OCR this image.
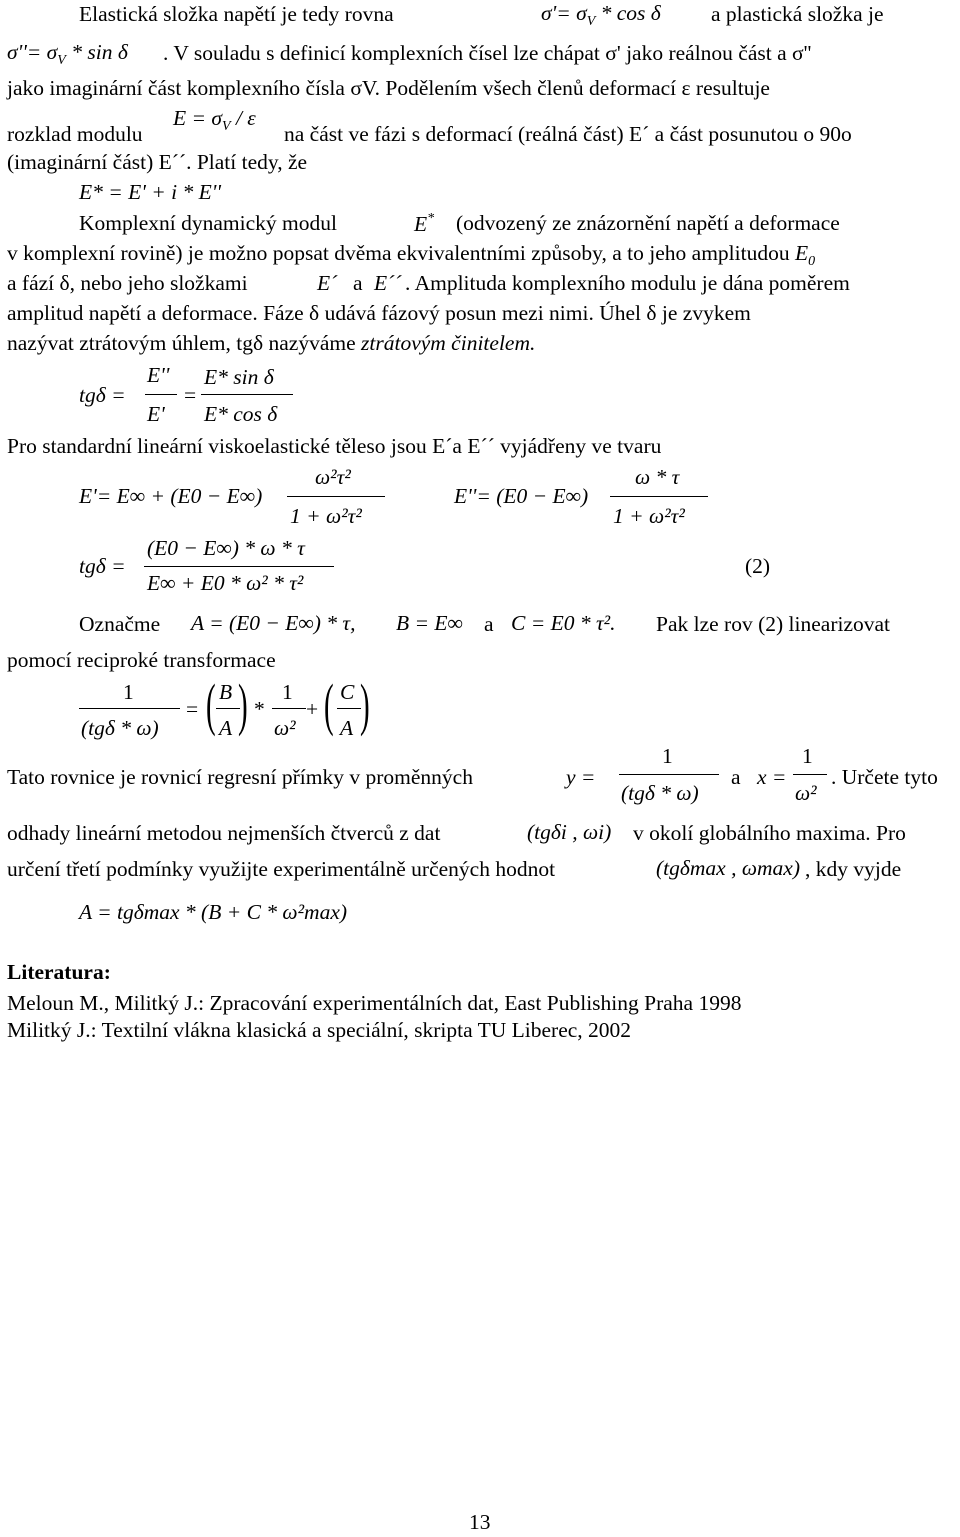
Elastická složka napětí je tedy rovna	$\sigma'= \sigma_V * \cos \delta$ a plastická složka je
$\sigma''= \sigma_V * \sin \delta$ . V souladu s definicí komplexních čísel lze chápat σ' jako reálnou část a σ''
jako imaginární část komplexního čísla σV. Podělením všech členů deformací ε resultuje
rozklad modulu
$E = \sigma_V / \varepsilon$
na část ve fázi s deformací (reálná část) E´ a část posunutou o 90o
(imaginární část) E´´. Platí tedy, že
E* = E' + i * E''
Komplexní dynamický modul	E* (odvozený ze znázornění napětí a deformace
v komplexní rovině) je možno popsat dvěma ekvivalentními způsoby, a to jeho amplitudou $E_0$
a fází δ, nebo jeho složkami	E´ a E´´ . Amplituda komplexního modulu je dána poměrem
amplitud napětí a deformace. Fáze δ udává fázový posun mezi nimi. Úhel δ je zvykem
nazývat ztrátovým úhlem, tgδ nazýváme ztrátovým činitelem.
tgδ =
E''
E'
=
E* sin δ
E* cos δ
Pro standardní lineární viskoelastické těleso jsou E´a E´´ vyjádřeny ve tvaru
E'= E∞ + (E0 − E∞)
ω²τ²
1 + ω²τ²
E''= (E0 − E∞)
ω * τ
1 + ω²τ²
tgδ =
(E0 − E∞) * ω * τ
E∞ + E0 * ω² * τ²
(2)
Označme A = (E0 − E∞) * τ, B = E∞ a C = E0 * τ². Pak lze rov (2) linearizovat
pomocí reciproké transformace
1
(tgδ * ω)
= ( B
A ) *
1
ω²
+ ( C
A )
Tato rovnice je rovnicí regresní přímky v proměnných	y =
1
(tgδ * ω)
a x =
1
ω²
. Určete tyto
odhady lineární metodou nejmenších čtverců z dat	(tgδi , ωi) v okolí globálního maxima. Pro
určení třetí podmínky využijte experimentálně určených hodnot	(tgδmax , ωmax) , kdy vyjde
A = tgδmax * (B + C * ω²max)
Literatura:
Meloun M., Militký J.: Zpracování experimentálních dat, East Publishing Praha 1998
Militký J.: Textilní vlákna klasická a speciální, skripta TU Liberec, 2002
13
